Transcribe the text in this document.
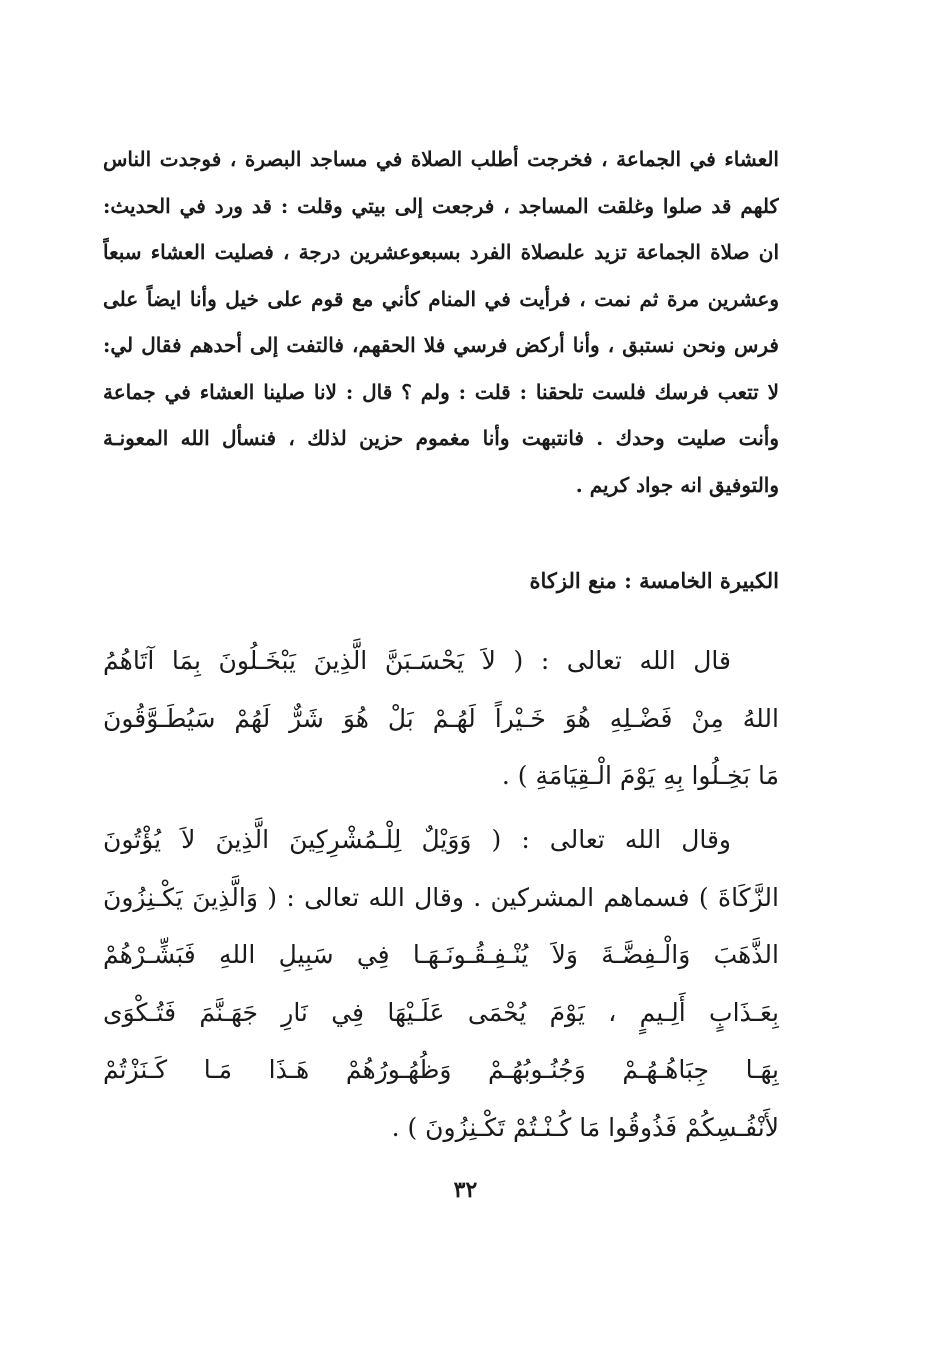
العشاء في الجماعة ، فخرجت أطلب الصلاة في مساجد البصرة ، فوجدت الناس
كلهم قد صلوا وغلقت المساجد ، فرجعت إلى بيتي وقلت : قد ورد في الحديث:
ان صلاة الجماعة تزيد علىصلاة الفرد بسبعوعشرين درجة ، فصليت العشاء سبعاً
وعشرين مرة ثم نمت ، فرأيت في المنام كأني مع قوم على خيل وأنا ايضاً على
فرس ونحن نستبق ، وأنا أركض فرسي فلا الحقهم، فالتفت إلى أحدهم فقال لي:
لا تتعب فرسك فلست تلحقنا : قلت : ولم ؟ قال : لانا صلينا العشاء في جماعة
وأنت صليت وحدك . فانتبهت وأنا مغموم حزين لذلك ، فنسأل الله المعونـة
والتوفيق انه جواد كريم .
الكبيرة الخامسة : منع الزكاة
قال الله تعالى : ( لاَ يَحْسَـبَنَّ الَّذِينَ يَبْخَـلُونَ بِمَا آتَاهُمُ
اللهُ مِنْ فَضْـلِهِ هُوَ خَـيْراً لَهُـمْ بَلْ هُوَ شَرٌّ لَهُمْ سَيُطَـوَّقُونَ
مَا بَخِـلُوا بِهِ يَوْمَ الْـقِيَامَةِ ) .
وقال الله تعالى : ( وَوَيْلٌ لِلْـمُشْرِكِينَ الَّذِينَ لاَ يُؤْتُونَ
الزَّكَاةَ ) فسماهم المشركين . وقال الله تعالى : ( وَالَّذِينَ يَكْـنِزُونَ
الذَّهَبَ وَالْـفِضَّـةَ وَلاَ يُنْـفِـقُـونَـهَـا فِي سَبِيلِ اللهِ فَبَشِّـرْهُمْ
بِعَـذَابٍ أَلِـيمٍ ، يَوْمَ يُحْمَى عَلَـيْهَا فِي نَارِ جَهَـنَّمَ فَتُـكْوَى
بِهَـا جِبَاهُـهُـمْ وَجُنُـوبُهُـمْ وَظُهُـورُهُمْ هَـذَا مَـا كَـنَزْتُمْ
لأَنْفُـسِكُمْ فَذُوقُوا مَا كُـنْـتُمْ تَكْـنِزُونَ ) .
٣٢
